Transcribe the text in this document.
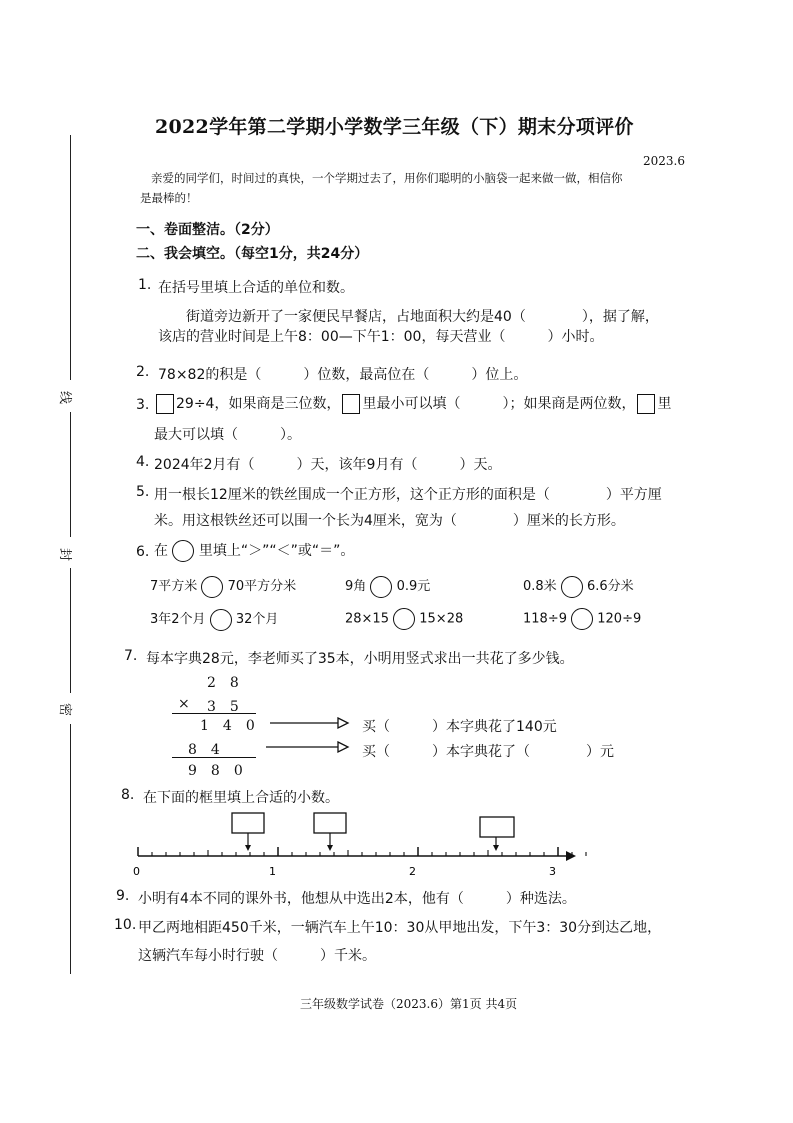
线
封
密
2022学年第二学期小学数学三年级（下）期末分项评价
2023.6
亲爱的同学们，时间过的真快，一个学期过去了，用你们聪明的小脑袋一起来做一做，相信你
是最棒的！
一、卷面整洁。（2分）
二、我会填空。（每空1分，共24分）
1. 在括号里填上合适的单位和数。
街道旁边新开了一家便民早餐店，占地面积大约是40（　　　　），据了解，
该店的营业时间是上午8：00—下午1：00，每天营业（　　　）小时。
2. 78×82的积是（　　　）位数，最高位在（　　　）位上。
3.	29÷4，如果商是三位数， 里最小可以填（　　　）；如果商是两位数， 里
最大可以填（　　　）。
4. 2024年2月有（　　　）天，该年9月有（　　　）天。
5. 用一根长12厘米的铁丝围成一个正方形，这个正方形的面积是（　　　　）平方厘
米。用这根铁丝还可以围一个长为4厘米，宽为（　　　　）厘米的长方形。
6. 在 里填上“＞”“＜”或“＝”。
7平方米 70平方分米	9角 0.9元	0.8米 6.6分米
3年2个月 32个月	28×15 15×28	118÷9 120÷9
7. 每本字典28元，李老师买了35本，小明用竖式求出一共花了多少钱。
2　8
× 3　5
1　4　0
8　4
9　8　0
买（　　　）本字典花了140元
买（　　　）本字典花了（　　　　）元
8. 在下面的框里填上合适的小数。
0	1	2	3
9. 小明有4本不同的课外书，他想从中选出2本，他有（　　　）种选法。
10. 甲乙两地相距450千米，一辆汽车上午10：30从甲地出发，下午3：30分到达乙地，
这辆汽车每小时行驶（　　　）千米。
三年级数学试卷（2023.6）第1页 共4页
